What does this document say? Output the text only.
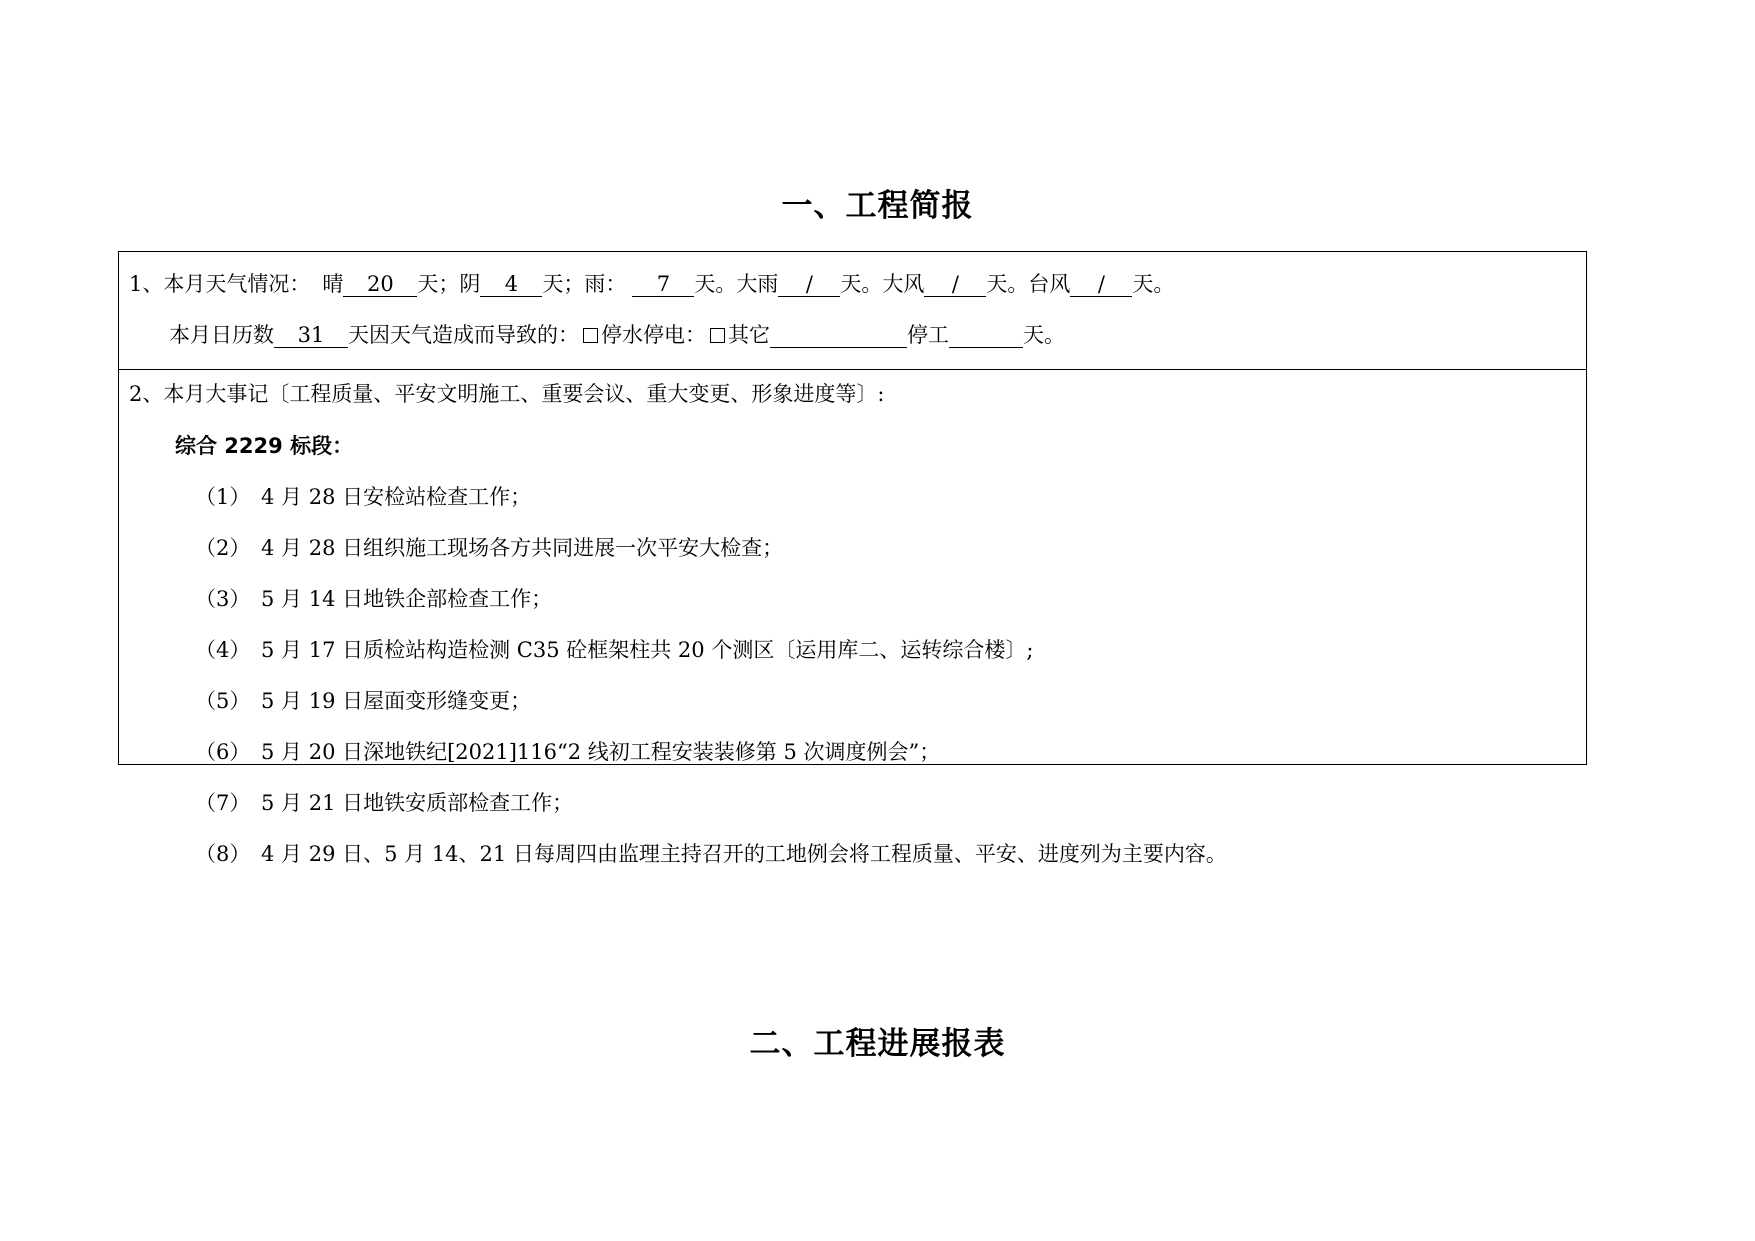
一、工程简报
1、本月天气情况： 晴 20 天；阴 4 天；雨： 7 天。大雨 / 天。大风 / 天。台风 / 天。
本月日历数 31 天因天气造成而导致的： 停水停电： 其它	停工	天。
2、本月大事记〔工程质量、平安文明施工、重要会议、重大变更、形象进度等〕:
综合 2229 标段：
（1） 4 月 28 日安检站检查工作；
（2） 4 月 28 日组织施工现场各方共同进展一次平安大检查；
（3） 5 月 14 日地铁企部检查工作；
（4） 5 月 17 日质检站构造检测 C35 砼框架柱共 20 个测区〔运用库二、运转综合楼〕;
（5） 5 月 19 日屋面变形缝变更；
（6） 5 月 20 日深地铁纪[2021]116“2 线初工程安装装修第 5 次调度例会”；
（7） 5 月 21 日地铁安质部检查工作；
（8） 4 月 29 日、5 月 14、21 日每周四由监理主持召开的工地例会将工程质量、平安、进度列为主要内容。
二、工程进展报表
